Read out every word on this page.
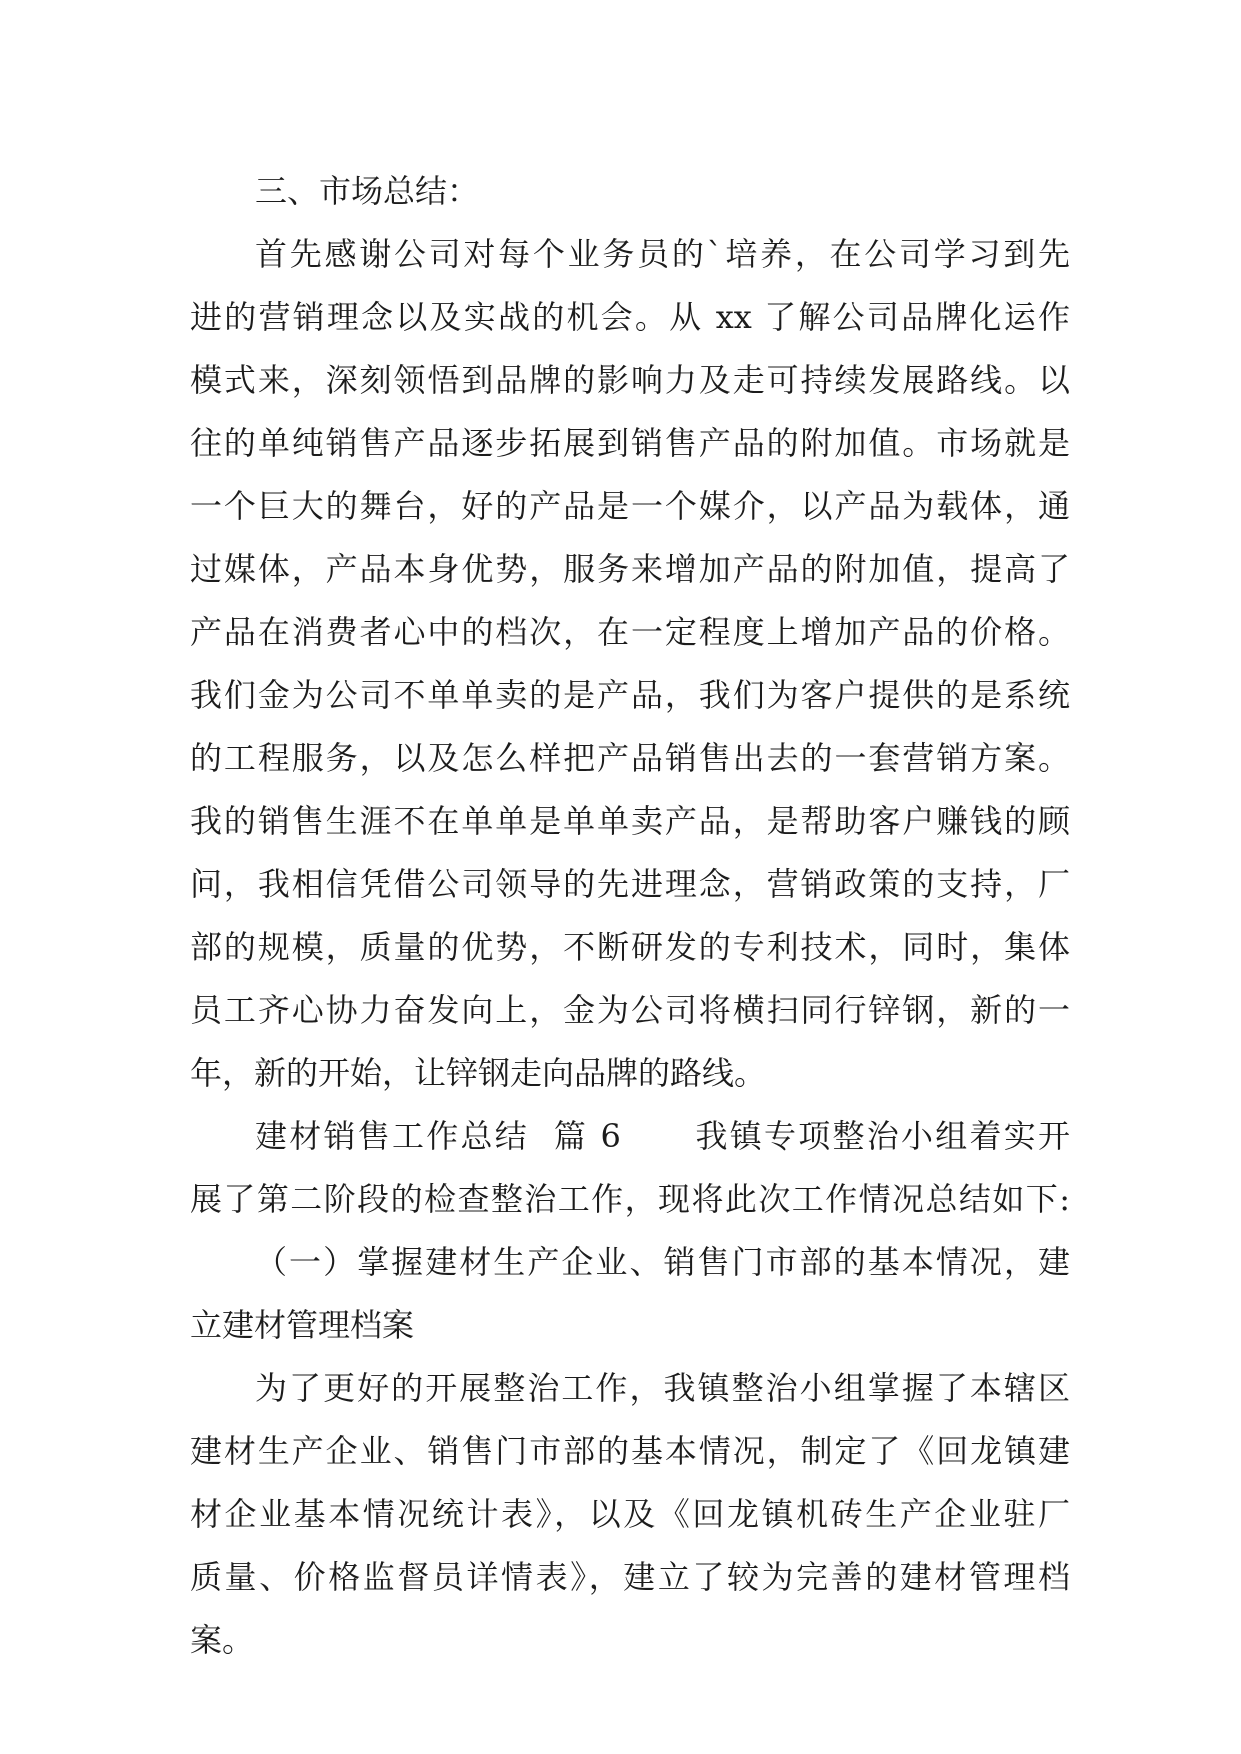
三、市场总结：
首先感谢公司对每个业务员的`培养，在公司学习到先
进的营销理念以及实战的机会。从 xx 了解公司品牌化运作
模式来，深刻领悟到品牌的影响力及走可持续发展路线。以
往的单纯销售产品逐步拓展到销售产品的附加值。市场就是
一个巨大的舞台，好的产品是一个媒介，以产品为载体，通
过媒体，产品本身优势，服务来增加产品的附加值，提高了
产品在消费者心中的档次，在一定程度上增加产品的价格。
我们金为公司不单单卖的是产品，我们为客户提供的是系统
的工程服务，以及怎么样把产品销售出去的一套营销方案。
我的销售生涯不在单单是单单卖产品，是帮助客户赚钱的顾
问，我相信凭借公司领导的先进理念，营销政策的支持，厂
部的规模，质量的优势，不断研发的专利技术，同时，集体
员工齐心协力奋发向上，金为公司将横扫同行锌钢，新的一
年，新的开始，让锌钢走向品牌的路线。
建材销售工作总结  篇 6      我镇专项整治小组着实开
展了第二阶段的检查整治工作，现将此次工作情况总结如下:
（一）掌握建材生产企业、销售门市部的基本情况，建
立建材管理档案
为了更好的开展整治工作，我镇整治小组掌握了本辖区
建材生产企业、销售门市部的基本情况，制定了《回龙镇建
材企业基本情况统计表》，以及《回龙镇机砖生产企业驻厂
质量、价格监督员详情表》，建立了较为完善的建材管理档
案。
